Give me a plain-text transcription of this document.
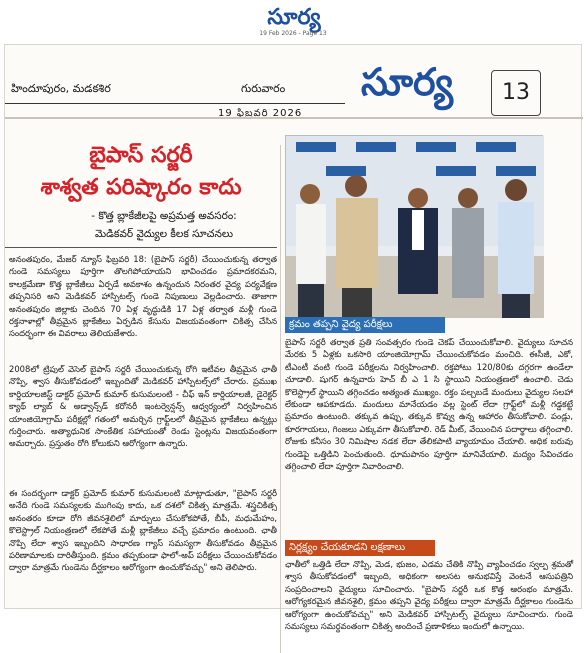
సూర్య
19 Feb 2026 - Page 13
హిందూపురం, మడకశిర	గురువారం
19 ఫిబ్రవరి 2026
సూర్య	13
బైపాస్ సర్జరీ
శాశ్వత పరిష్కారం కాదు
- కొత్త బ్లాకేజీలపై అప్రమత్త అవసరం:
మెడికవర్ వైద్యుల కీలక సూచనలు
అనంతపురం, మేజర్ న్యూస్ ఫిబ్రవరి 18: (బైపాస్ సర్జరీ) చేయించుకున్న తర్వాత గుండె సమస్యలు పూర్తిగా తొలగిపోయాయని భావించడం ప్రమాదకరమని, కాలక్రమేణా కొత్త బ్లాకేజీలు ఏర్పడే అవకాశం ఉన్నందున నిరంతర వైద్య పర్యవేక్షణ తప్పనిసరి అని మెడికవర్ హాస్పిటల్స్ గుండె నిపుణులు వెల్లడించారు. తాజాగా అనంతపురం జిల్లాకు చెందిన 70 ఏళ్ల వృద్ధుడికి 17 ఏళ్ల తర్వాత మళ్లీ గుండె రక్తనాళాల్లో తీవ్రమైన బ్లాకేజీలు ఏర్పడిన కేసును విజయవంతంగా చికిత్స చేసిన సందర్భంగా ఈ వివరాలు తెలియజేశారు.
2008లో ట్రిపుల్ వెసెల్ బైపాస్ సర్జరీ చేయించుకున్న రోగి ఇటీవల తీవ్రమైన ఛాతీ నొప్పి, శ్వాస తీసుకోవడంలో ఇబ్బందితో మెడికవర్ హాస్పిటల్స్‌లో చేరారు. ప్రముఖ కార్డియాలజిస్ట్ డాక్టర్ ప్రమోద్ కుమార్ కుసుమలంటి - చీఫ్ ఇన్ కార్డియాలజీ, డైరెక్టర్ క్యాథ్ ల్యాబ్ & అడ్వాన్స్‌డ్ కరోనరీ ఇంటర్వెన్షన్స్ ఆధ్వర్యంలో నిర్వహించిన యాంజియోగ్రామ్ పరీక్షల్లో గతంలో అమర్చిన గ్రాఫ్ట్‌లలో తీవ్రమైన బ్లాకేజీలు ఉన్నట్లు గుర్తించారు. అత్యాధునిక సాంకేతిక సహాయంతో రెండు స్టెంట్లను విజయవంతంగా అమర్చారు. ప్రస్తుతం రోగి కోలుకుని ఆరోగ్యంగా ఉన్నారు.
ఈ సందర్భంగా డాక్టర్ ప్రమోద్ కుమార్ కుసుమలంటి మాట్లాడుతూ, "బైపాస్ సర్జరీ అనేది గుండె సమస్యలకు ముగింపు కాదు, ఒక దశలో చికిత్స మాత్రమే. శస్త్రచికిత్స అనంతరం కూడా రోగి జీవనశైలిలో మార్పులు చేసుకోకపోతే, బీపీ, మధుమేహం, కొలెస్ట్రాల్ నియంత్రణలో లేకపోతే మళ్లీ బ్లాకేజీలు వచ్చే ప్రమాదం ఉంటుంది. ఛాతీ నొప్పి లేదా శ్వాస ఇబ్బందిని సాధారణ గ్యాస్ సమస్యగా తీసుకోవడం తీవ్రమైన పరిణామాలకు దారితీస్తుంది. క్రమం తప్పకుండా ఫాలో-అప్ పరీక్షలు చేయించుకోవడం ద్వారా మాత్రమే గుండెను దీర్ఘకాలం ఆరోగ్యంగా ఉంచుకోవచ్చు" అని తెలిపారు.
క్రమం తప్పని వైద్య పరీక్షలు
బైపాస్ సర్జరీ తర్వాత ప్రతి సంవత్సరం గుండె చెకప్ చేయించుకోవాలి. వైద్యులు సూచన మేరకు 5 ఏళ్లకు ఒకసారి యాంజియోగ్రామ్ చేయించుకోవడం మంచిది. ఈసీజీ, ఎకో, టీఎంటీ వంటి గుండె పరీక్షలను నిర్వహించాలి. రక్తపోటు 120/80కు దగ్గరగా ఉండేలా చూడాలి. షుగర్ ఉన్నవారు హెచ్ బీ ఎ 1 సి స్థాయిని నియంత్రణలో ఉంచాలి. చెడు కొలెస్ట్రాల్ స్థాయిని తగ్గించడం అత్యంత ముఖ్యం. రక్తం పల్చబడే మందులు వైద్యుల సలహా లేకుండా ఆపకూడదు. మందులు మానేయడం వల్ల స్టెంట్ లేదా గ్రాఫ్ట్‌లో మళ్లీ గడ్డకట్టే ప్రమాదం ఉంటుంది. తక్కువ ఉప్పు, తక్కువ కొవ్వు ఉన్న ఆహారం తీసుకోవాలి. పండ్లు, కూరగాయలు, గింజలు ఎక్కువగా తీసుకోవాలి. రెడ్ మీట్, వేయించిన పదార్థాలు తగ్గించాలి. రోజుకు కనీసం 30 నిమిషాల నడక లేదా తేలికపాటి వ్యాయామం చేయాలి. అధిక బరువు గుండెపై ఒత్తిడిని పెంచుతుంది. ధూమపానం పూర్తిగా మానివేయాలి. మద్యం సేవించడం తగ్గించాలి లేదా పూర్తిగా నివారించాలి.
నిర్లక్ష్యం చేయకూడని లక్షణాలు
ఛాతీలో ఒత్తిడి లేదా నొప్పి, మెడ, భుజం, ఎడమ చేతికి నొప్పి వ్యాపించడం స్వల్ప శ్రమతో శ్వాస తీసుకోవడంలో ఇబ్బంది, అధికంగా అలసట అనుభవిస్తే వెంటనే ఆసుపత్రిని సంప్రదించాలని వైద్యులు సూచించారు. "బైపాస్ సర్జరీ ఒక కొత్త ఆరంభం మాత్రమే. ఆరోగ్యకరమైన జీవనశైలి, క్రమం తప్పని వైద్య పరీక్షలు ద్వారా మాత్రమే దీర్ఘకాలం గుండెను ఆరోగ్యంగా ఉంచుకోవచ్చు" అని మెడికవర్ హాస్పిటల్స్ వైద్యులు సూచించారు. గుండె సమస్యలు సమర్థవంతంగా చికిత్స అందించే ప్రణాళికలు ఇందులో ఉన్నాయి.
